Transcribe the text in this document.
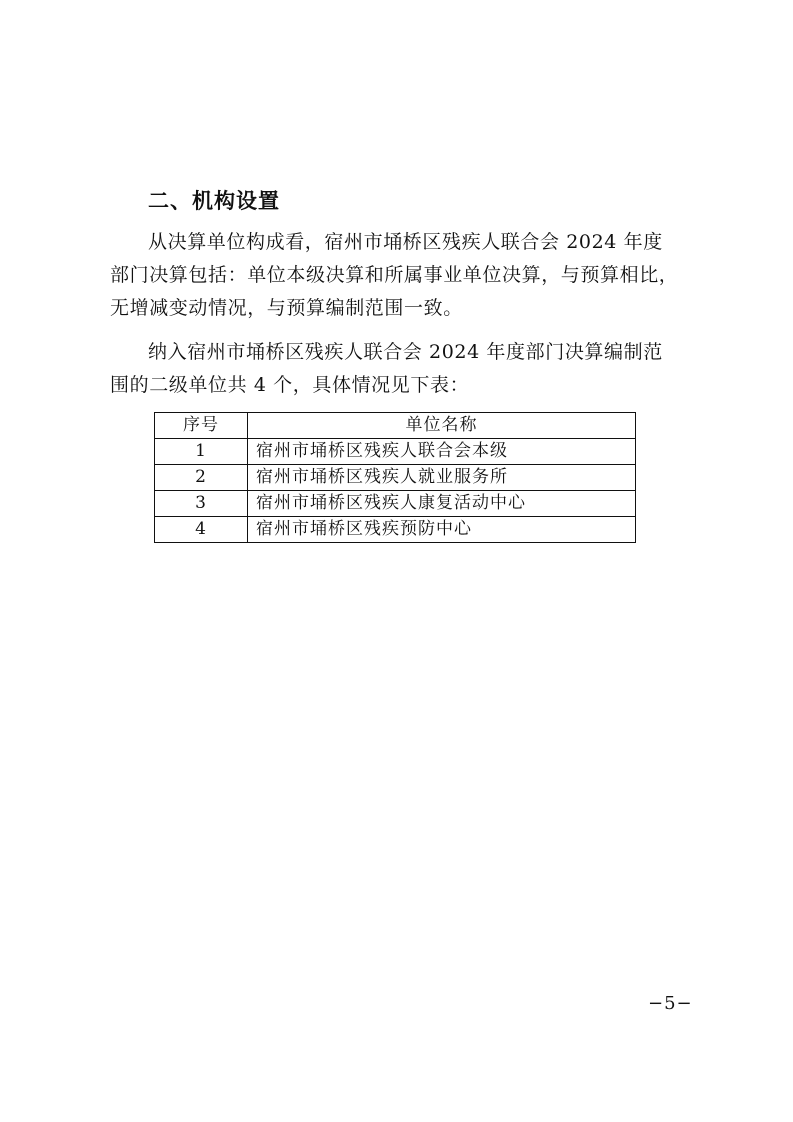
二、机构设置
从决算单位构成看，宿州市埇桥区残疾人联合会 2024 年度
部门决算包括：单位本级决算和所属事业单位决算，与预算相比，
无增减变动情况，与预算编制范围一致。
纳入宿州市埇桥区残疾人联合会 2024 年度部门决算编制范
围的二级单位共 4 个，具体情况见下表：
序号	单位名称
1	宿州市埇桥区残疾人联合会本级
2	宿州市埇桥区残疾人就业服务所
3	宿州市埇桥区残疾人康复活动中心
4	宿州市埇桥区残疾预防中心
−5−
